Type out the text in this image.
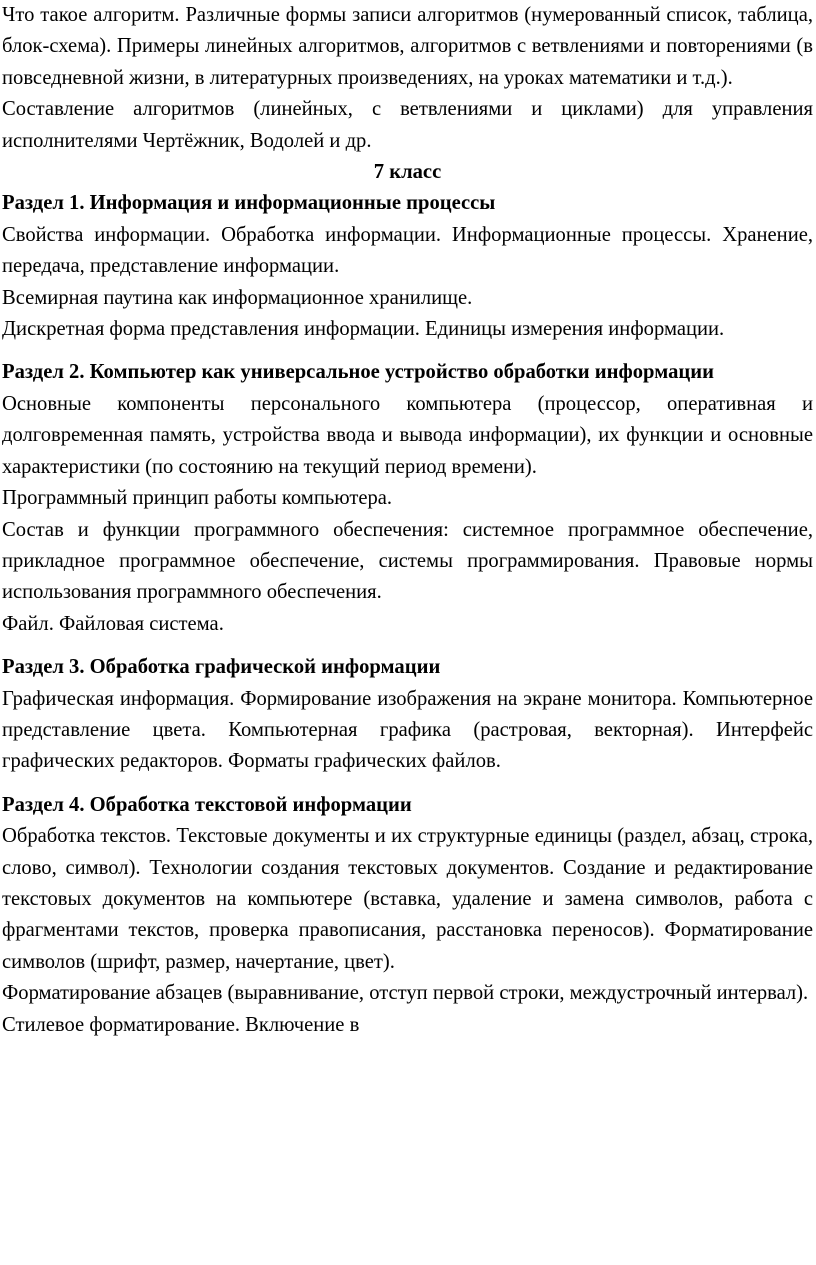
Что такое алгоритм. Различные формы записи алгоритмов (нумерованный список, таблица, блок-схема). Примеры линейных алгоритмов, алгоритмов с ветвлениями и повторениями (в повседневной жизни, в литературных произведениях, на уроках математики и т.д.).

Составление алгоритмов (линейных, с ветвлениями и циклами) для управления исполнителями Чертёжник, Водолей и др.

7 класс

Раздел 1. Информация и информационные процессы

Свойства информации. Обработка информации. Информационные процессы. Хранение, передача, представление информации.

Всемирная паутина как информационное хранилище.

Дискретная форма представления информации. Единицы измерения информации.

Раздел 2. Компьютер как универсальное устройство обработки информации

Основные компоненты персонального компьютера (процессор, оперативная и долговременная память, устройства ввода и вывода информации), их функции и основные характеристики (по состоянию на текущий период времени).

Программный принцип работы компьютера.

Состав и функции программного обеспечения: системное программное обеспечение, прикладное программное обеспечение, системы программирования. Правовые нормы использования программного обеспечения.

Файл. Файловая система.

Раздел 3. Обработка графической информации

Графическая информация. Формирование изображения на экране монитора. Компьютерное представление цвета. Компьютерная графика (растровая, векторная). Интерфейс графических редакторов. Форматы графических файлов.

Раздел 4. Обработка текстовой информации

Обработка текстов. Текстовые документы и их структурные единицы (раздел, абзац, строка, слово, символ). Технологии создания текстовых документов. Создание и редактирование текстовых документов на компьютере (вставка, удаление и замена символов, работа с фрагментами текстов, проверка правописания, расстановка переносов). Форматирование символов (шрифт, размер, начертание, цвет).

Форматирование абзацев (выравнивание, отступ первой строки, междустрочный интервал). Стилевое форматирование. Включение в
